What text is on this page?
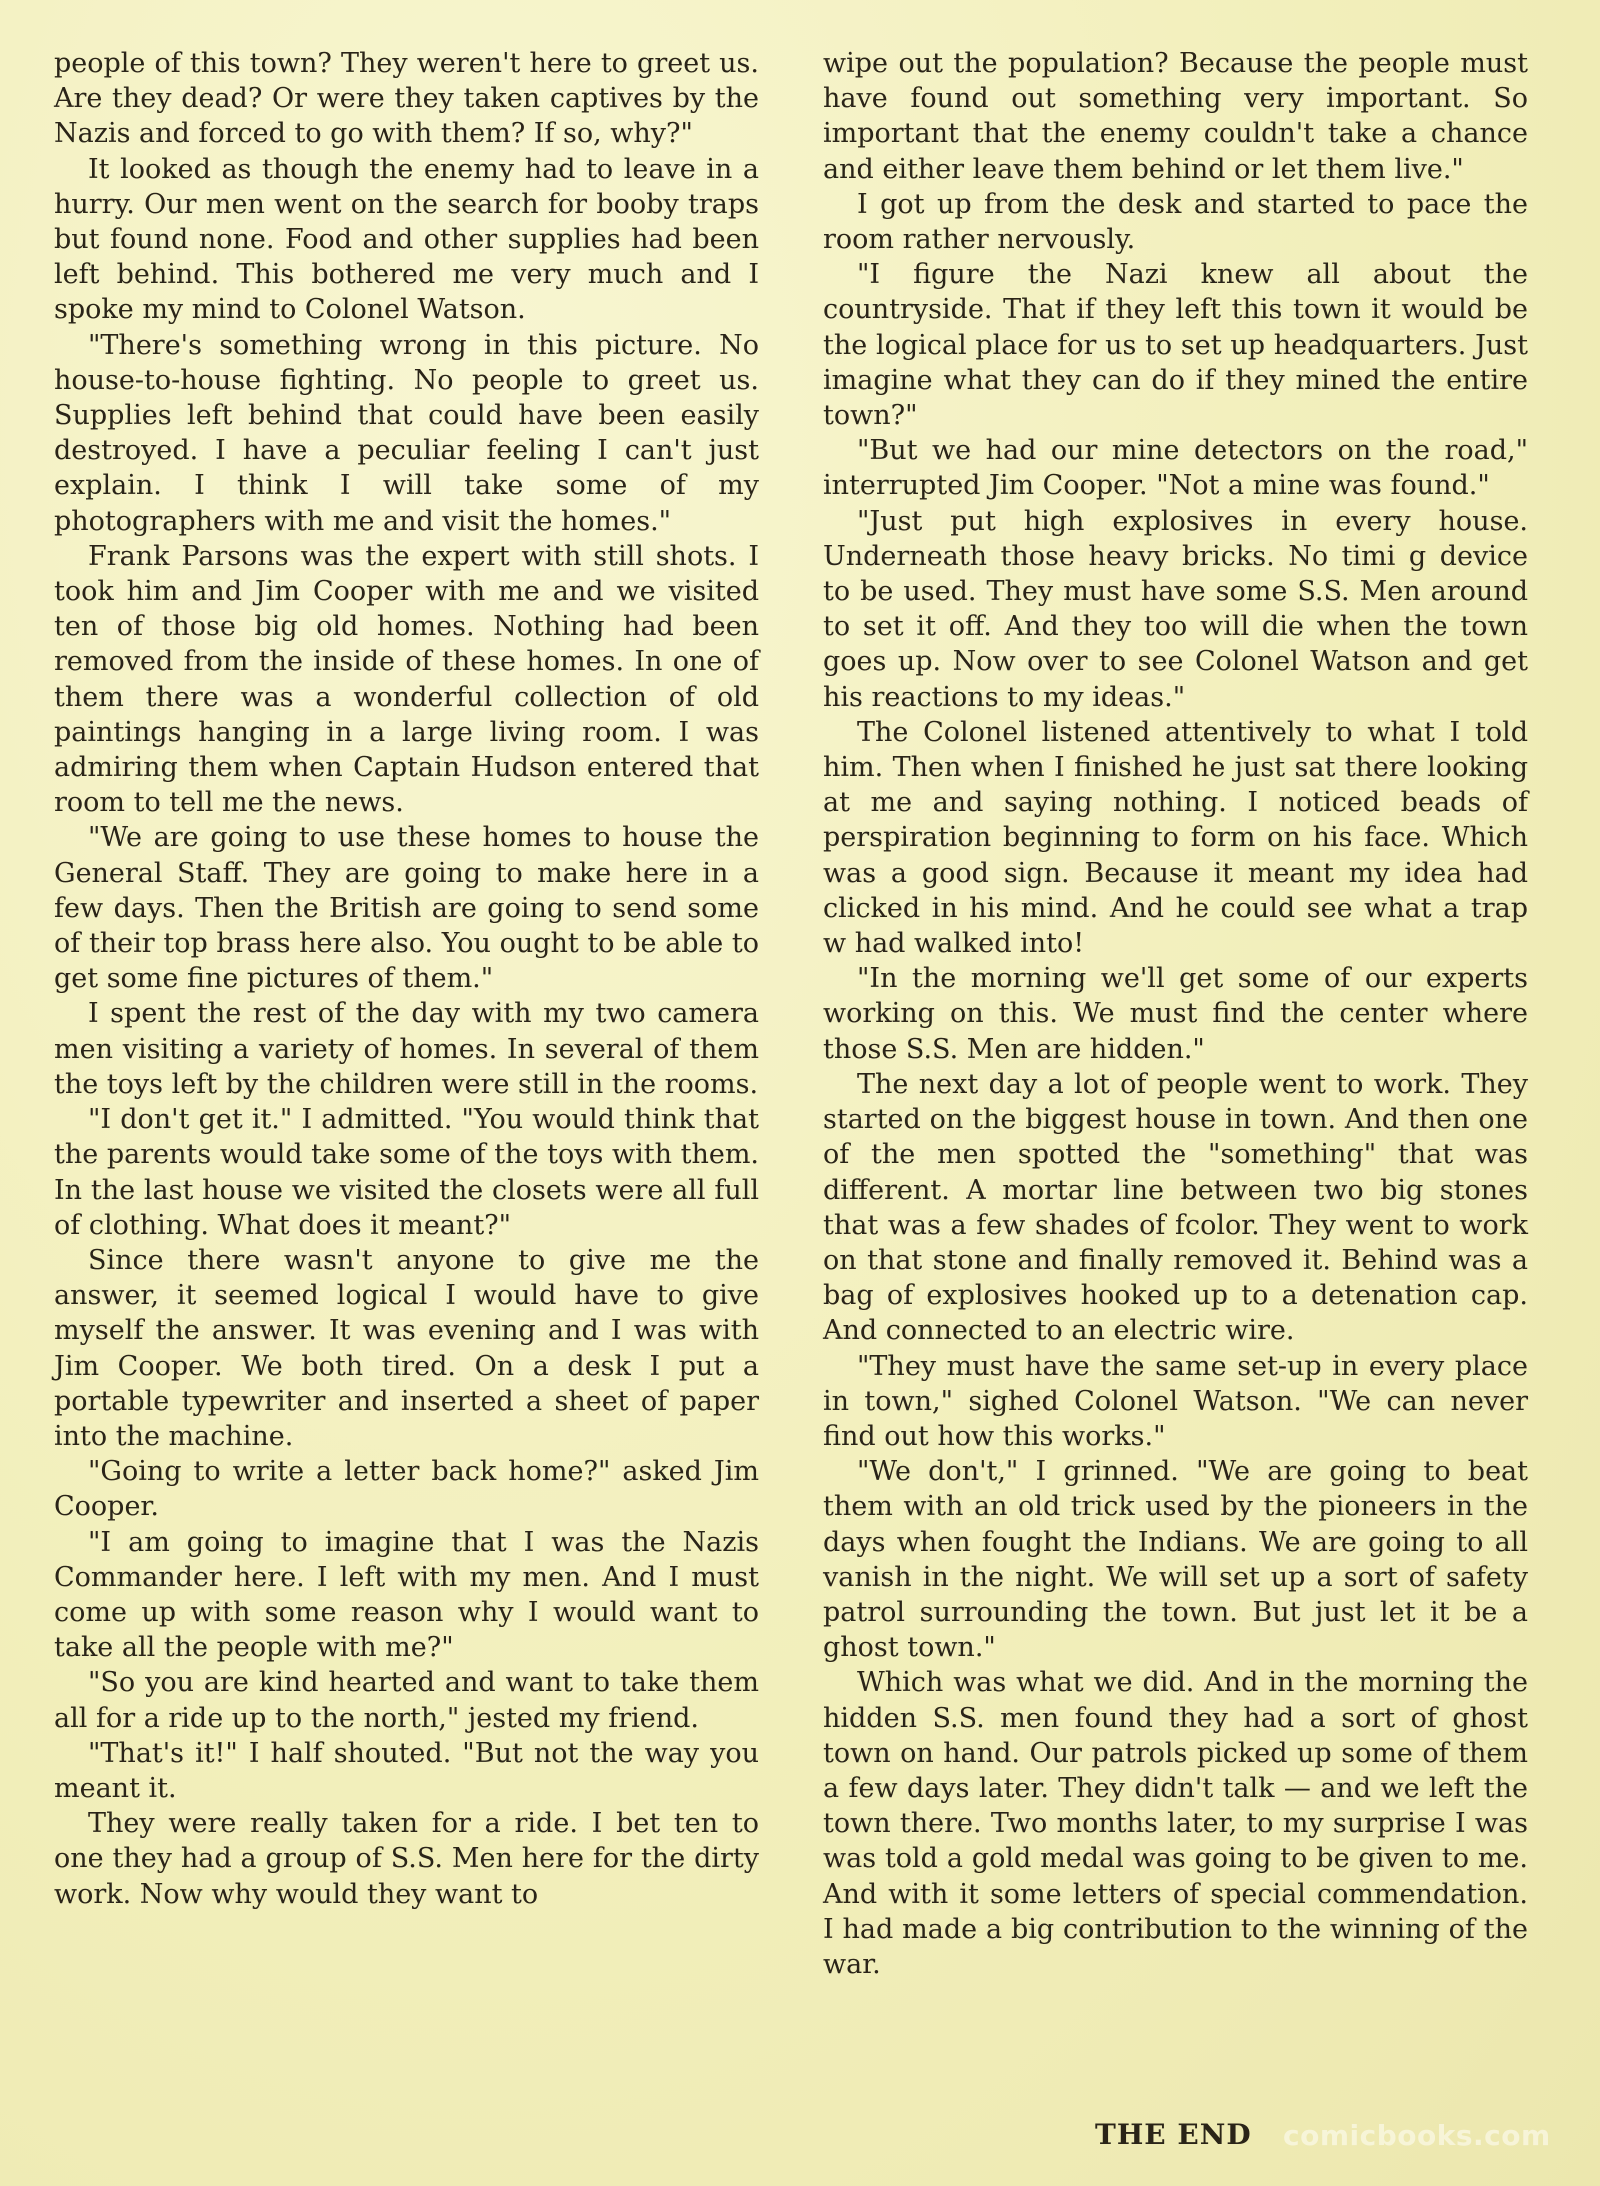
people of this town? They weren't here to greet us. Are they dead? Or were they taken captives by the Nazis and forced to go with them? If so, why?"

It looked as though the enemy had to leave in a hurry. Our men went on the search for booby traps but found none. Food and other supplies had been left behind. This bothered me very much and I spoke my mind to Colonel Watson.

"There's something wrong in this picture. No house-to-house fighting. No people to greet us. Supplies left behind that could have been easily destroyed. I have a peculiar feeling I can't just explain. I think I will take some of my photographers with me and visit the homes."

Frank Parsons was the expert with still shots. I took him and Jim Cooper with me and we visited ten of those big old homes. Nothing had been removed from the inside of these homes. In one of them there was a wonderful collection of old paintings hanging in a large living room. I was admiring them when Captain Hudson entered that room to tell me the news.

"We are going to use these homes to house the General Staff. They are going to make here in a few days. Then the British are going to send some of their top brass here also. You ought to be able to get some fine pictures of them."

I spent the rest of the day with my two camera men visiting a variety of homes. In several of them the toys left by the children were still in the rooms.

"I don't get it." I admitted. "You would think that the parents would take some of the toys with them. In the last house we visited the closets were all full of clothing. What does it meant?"

Since there wasn't anyone to give me the answer, it seemed logical I would have to give myself the answer. It was evening and I was with Jim Cooper. We both tired. On a desk I put a portable typewriter and inserted a sheet of paper into the machine.

"Going to write a letter back home?" asked Jim Cooper.

"I am going to imagine that I was the Nazis Commander here. I left with my men. And I must come up with some reason why I would want to take all the people with me?"

"So you are kind hearted and want to take them all for a ride up to the north," jested my friend.

"That's it!" I half shouted. "But not the way you meant it.

They were really taken for a ride. I bet ten to one they had a group of S.S. Men here for the dirty work. Now why would they want to

wipe out the population? Because the people must have found out something very important. So important that the enemy couldn't take a chance and either leave them behind or let them live."

I got up from the desk and started to pace the room rather nervously.

"I figure the Nazi knew all about the countryside. That if they left this town it would be the logical place for us to set up headquarters. Just imagine what they can do if they mined the entire town?"

"But we had our mine detectors on the road," interrupted Jim Cooper. "Not a mine was found."

"Just put high explosives in every house. Underneath those heavy bricks. No timi g device to be used. They must have some S.S. Men around to set it off. And they too will die when the town goes up. Now over to see Colonel Watson and get his reactions to my ideas."

The Colonel listened attentively to what I told him. Then when I finished he just sat there looking at me and saying nothing. I noticed beads of perspiration beginning to form on his face. Which was a good sign. Because it meant my idea had clicked in his mind. And he could see what a trap w had walked into!

"In the morning we'll get some of our experts working on this. We must find the center where those S.S. Men are hidden."

The next day a lot of people went to work. They started on the biggest house in town. And then one of the men spotted the "something" that was different. A mortar line between two big stones that was a few shades of fcolor. They went to work on that stone and finally removed it. Behind was a bag of explosives hooked up to a detenation cap. And connected to an electric wire.

"They must have the same set-up in every place in town," sighed Colonel Watson. "We can never find out how this works."

"We don't," I grinned. "We are going to beat them with an old trick used by the pioneers in the days when fought the Indians. We are going to all vanish in the night. We will set up a sort of safety patrol surrounding the town. But just let it be a ghost town."

Which was what we did. And in the morning the hidden S.S. men found they had a sort of ghost town on hand. Our patrols picked up some of them a few days later. They didn't talk — and we left the town there. Two months later, to my surprise I was was told a gold medal was going to be given to me. And with it some letters of special commendation. I had made a big contribution to the winning of the war.

THE END comicbooks.com
